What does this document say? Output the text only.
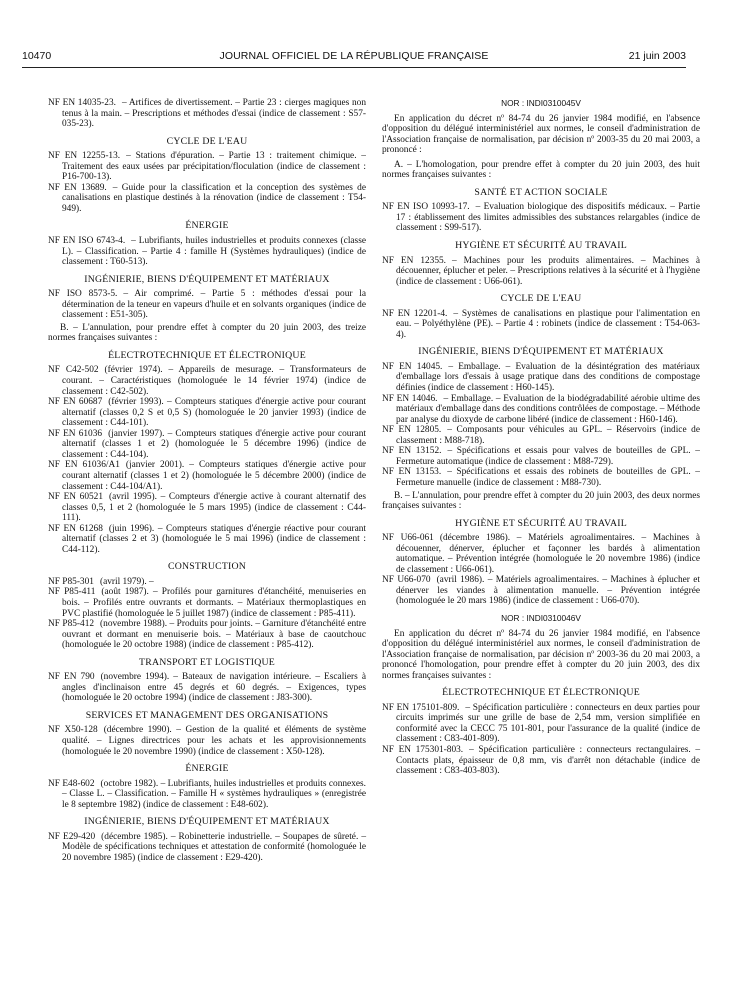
10470	JOURNAL OFFICIEL DE LA RÉPUBLIQUE FRANÇAISE	21 juin 2003
NF EN 14035-23. – Artifices de divertissement. – Partie 23 : cierges magiques non tenus à la main. – Prescriptions et méthodes d'essai (indice de classement : S57-035-23).
CYCLE DE L'EAU
NF EN 12255-13. – Stations d'épuration. – Partie 13 : traitement chimique. – Traitement des eaux usées par précipitation/floculation (indice de classement : P16-700-13).
NF EN 13689. – Guide pour la classification et la conception des systèmes de canalisations en plastique destinés à la rénovation (indice de classement : T54-949).
ÉNERGIE
NF EN ISO 6743-4. – Lubrifiants, huiles industrielles et produits connexes (classe L). – Classification. – Partie 4 : famille H (Systèmes hydrauliques) (indice de classement : T60-513).
INGÉNIERIE, BIENS D'ÉQUIPEMENT ET MATÉRIAUX
NF ISO 8573-5. – Air comprimé. – Partie 5 : méthodes d'essai pour la détermination de la teneur en vapeurs d'huile et en solvants organiques (indice de classement : E51-305).
B. – L'annulation, pour prendre effet à compter du 20 juin 2003, des treize normes françaises suivantes :
ÉLECTROTECHNIQUE ET ÉLECTRONIQUE
NF C42-502 (février 1974). – Appareils de mesurage. – Transformateurs de courant. – Caractéristiques (homologuée le 14 février 1974) (indice de classement : C42-502).
NF EN 60687 (février 1993). – Compteurs statiques d'énergie active pour courant alternatif (classes 0,2 S et 0,5 S) (homologuée le 20 janvier 1993) (indice de classement : C44-101).
NF EN 61036 (janvier 1997). – Compteurs statiques d'énergie active pour courant alternatif (classes 1 et 2) (homologuée le 5 décembre 1996) (indice de classement : C44-104).
NF EN 61036/A1 (janvier 2001). – Compteurs statiques d'énergie active pour courant alternatif (classes 1 et 2) (homologuée le 5 décembre 2000) (indice de classement : C44-104/A1).
NF EN 60521 (avril 1995). – Compteurs d'énergie active à courant alternatif des classes 0,5, 1 et 2 (homologuée le 5 mars 1995) (indice de classement : C44-111).
NF EN 61268 (juin 1996). – Compteurs statiques d'énergie réactive pour courant alternatif (classes 2 et 3) (homologuée le 5 mai 1996) (indice de classement : C44-112).
CONSTRUCTION
NF P85-301 (avril 1979). –
NF P85-411 (août 1987). – Profilés pour garnitures d'étanchéité, menuiseries en bois. – Profilés entre ouvrants et dormants. – Matériaux thermoplastiques en PVC plastifié (homologuée le 5 juillet 1987) (indice de classement : P85-411).
NF P85-412 (novembre 1988). – Produits pour joints. – Garniture d'étanchéité entre ouvrant et dormant en menuiserie bois. – Matériaux à base de caoutchouc (homologuée le 20 octobre 1988) (indice de classement : P85-412).
TRANSPORT ET LOGISTIQUE
NF EN 790 (novembre 1994). – Bateaux de navigation intérieure. – Escaliers à angles d'inclinaison entre 45 degrés et 60 degrés. – Exigences, types (homologuée le 20 octobre 1994) (indice de classement : J83-300).
SERVICES ET MANAGEMENT DES ORGANISATIONS
NF X50-128 (décembre 1990). – Gestion de la qualité et éléments de système qualité. – Lignes directrices pour les achats et les approvisionnements (homologuée le 20 novembre 1990) (indice de classement : X50-128).
ÉNERGIE
NF E48-602 (octobre 1982). – Lubrifiants, huiles industrielles et produits connexes. – Classe L. – Classification. – Famille H « systèmes hydrauliques » (enregistrée le 8 septembre 1982) (indice de classement : E48-602).
INGÉNIERIE, BIENS D'ÉQUIPEMENT ET MATÉRIAUX
NF E29-420 (décembre 1985). – Robinetterie industrielle. – Soupapes de sûreté. – Modèle de spécifications techniques et attestation de conformité (homologuée le 20 novembre 1985) (indice de classement : E29-420).
NOR : INDI0310045V
En application du décret nº 84-74 du 26 janvier 1984 modifié, en l'absence d'opposition du délégué interministériel aux normes, le conseil d'administration de l'Association française de normalisation, par décision nº 2003-35 du 20 mai 2003, a prononcé :
A. – L'homologation, pour prendre effet à compter du 20 juin 2003, des huit normes françaises suivantes :
SANTÉ ET ACTION SOCIALE
NF EN ISO 10993-17. – Evaluation biologique des dispositifs médicaux. – Partie 17 : établissement des limites admissibles des substances relargables (indice de classement : S99-517).
HYGIÈNE ET SÉCURITÉ AU TRAVAIL
NF EN 12355. – Machines pour les produits alimentaires. – Machines à découenner, éplucher et peler. – Prescriptions relatives à la sécurité et à l'hygiène (indice de classement : U66-061).
CYCLE DE L'EAU
NF EN 12201-4. – Systèmes de canalisations en plastique pour l'alimentation en eau. – Polyéthylène (PE). – Partie 4 : robinets (indice de classement : T54-063-4).
INGÉNIERIE, BIENS D'ÉQUIPEMENT ET MATÉRIAUX
NF EN 14045. – Emballage. – Evaluation de la désintégration des matériaux d'emballage lors d'essais à usage pratique dans des conditions de compostage définies (indice de classement : H60-145).
NF EN 14046. – Emballage. – Evaluation de la biodégradabilité aérobie ultime des matériaux d'emballage dans des conditions contrôlées de compostage. – Méthode par analyse du dioxyde de carbone libéré (indice de classement : H60-146).
NF EN 12805. – Composants pour véhicules au GPL. – Réservoirs (indice de classement : M88-718).
NF EN 13152. – Spécifications et essais pour valves de bouteilles de GPL. – Fermeture automatique (indice de classement : M88-729).
NF EN 13153. – Spécifications et essais des robinets de bouteilles de GPL. – Fermeture manuelle (indice de classement : M88-730).
B. – L'annulation, pour prendre effet à compter du 20 juin 2003, des deux normes françaises suivantes :
HYGIÈNE ET SÉCURITÉ AU TRAVAIL
NF U66-061 (décembre 1986). – Matériels agroalimentaires. – Machines à découenner, dénerver, éplucher et façonner les bardés à alimentation automatique. – Prévention intégrée (homologuée le 20 novembre 1986) (indice de classement : U66-061).
NF U66-070 (avril 1986). – Matériels agroalimentaires. – Machines à éplucher et dénerver les viandes à alimentation manuelle. – Prévention intégrée (homologuée le 20 mars 1986) (indice de classement : U66-070).
NOR : INDI0310046V
En application du décret nº 84-74 du 26 janvier 1984 modifié, en l'absence d'opposition du délégué interministériel aux normes, le conseil d'administration de l'Association française de normalisation, par décision nº 2003-36 du 20 mai 2003, a prononcé l'homologation, pour prendre effet à compter du 20 juin 2003, des dix normes françaises suivantes :
ÉLECTROTECHNIQUE ET ÉLECTRONIQUE
NF EN 175101-809. – Spécification particulière : connecteurs en deux parties pour circuits imprimés sur une grille de base de 2,54 mm, version simplifiée en conformité avec la CECC 75 101-801, pour l'assurance de la qualité (indice de classement : C83-401-809).
NF EN 175301-803. – Spécification particulière : connecteurs rectangulaires. – Contacts plats, épaisseur de 0,8 mm, vis d'arrêt non détachable (indice de classement : C83-403-803).
